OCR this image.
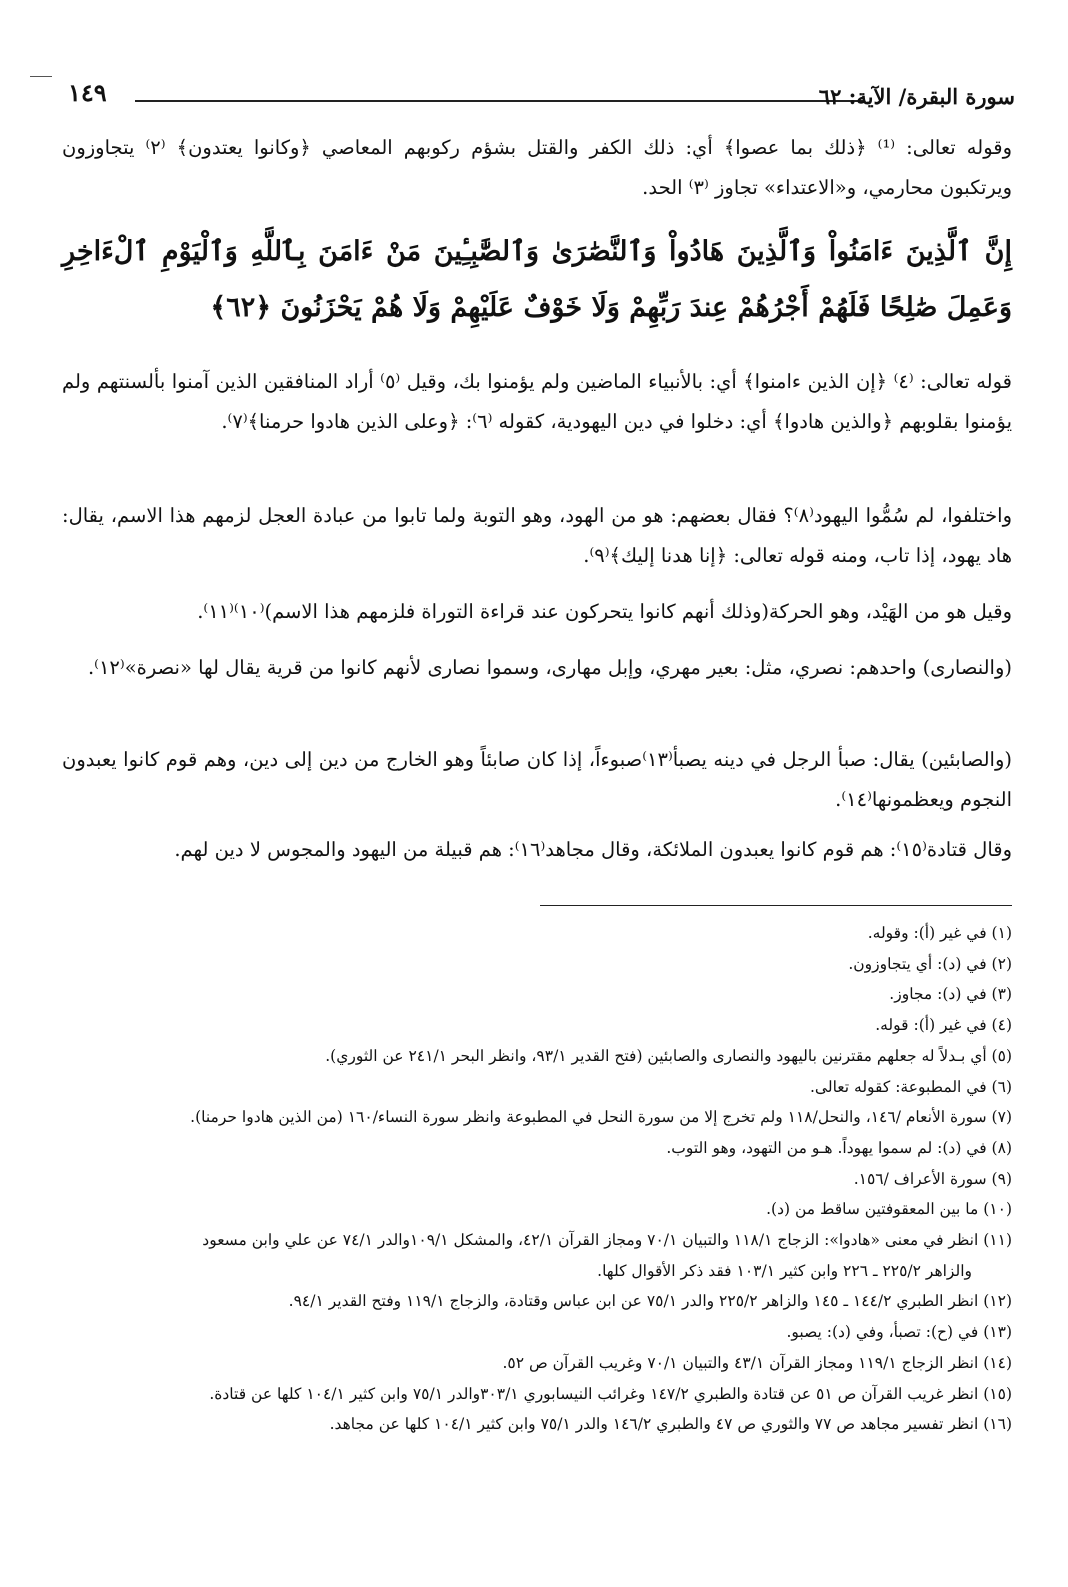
١٤٩	سورة البقرة/ الآية: ٦٢

وقوله تعالى: ⁽¹⁾ ﴿ذلك بما عصوا﴾ أي: ذلك الكفر والقتل بشؤم ركوبهم المعاصي ﴿وكانوا يعتدون﴾ ⁽٢⁾ يتجاوزون ويرتكبون محارمي، و«الاعتداء» تجاوز ⁽٣⁾ الحد.

إِنَّ ٱلَّذِينَ ءَامَنُواْ وَٱلَّذِينَ هَادُواْ وَٱلنَّصَٰرَىٰ وَٱلصَّٰبِـِٔينَ مَنْ ءَامَنَ بِٱللَّهِ وَٱلْيَوْمِ ٱلْءَاخِرِ وَعَمِلَ صَٰلِحًا فَلَهُمْ أَجْرُهُمْ عِندَ رَبِّهِمْ وَلَا خَوْفٌ عَلَيْهِمْ وَلَا هُمْ يَحْزَنُونَ ﴿٦٢﴾

قوله تعالى: ⁽٤⁾ ﴿إن الذين ءامنوا﴾ أي: بالأنبياء الماضين ولم يؤمنوا بك، وقيل ⁽٥⁾ أراد المنافقين الذين آمنوا بألسنتهم ولم يؤمنوا بقلوبهم ﴿والذين هادوا﴾ أي: دخلوا في دين اليهودية، كقوله ⁽٦⁾: ﴿وعلى الذين هادوا حرمنا﴾⁽٧⁾.

واختلفوا، لم سُمُّوا اليهود⁽٨⁾؟ فقال بعضهم: هو من الهود، وهو التوبة ولما تابوا من عبادة العجل لزمهم هذا الاسم، يقال: هاد يهود، إذا تاب، ومنه قوله تعالى: ﴿إنا هدنا إليك﴾⁽٩⁾.

وقيل هو من الهَيْد، وهو الحركة(وذلك أنهم كانوا يتحركون عند قراءة التوراة فلزمهم هذا الاسم)⁽١٠⁾⁽١١⁾.

(والنصارى) واحدهم: نصري، مثل: بعير مهري، وإبل مهارى، وسموا نصارى لأنهم كانوا من قرية يقال لها «نصرة»⁽١٢⁾.

(والصابئين) يقال: صبأ الرجل في دينه يصبأ⁽١٣⁾صبوءاً، إذا كان صابئاً وهو الخارج من دين إلى دين، وهم قوم كانوا يعبدون النجوم ويعظمونها⁽١٤⁾.

وقال قتادة⁽١٥⁾: هم قوم كانوا يعبدون الملائكة، وقال مجاهد⁽١٦⁾: هم قبيلة من اليهود والمجوس لا دين لهم.

(١) في غير (أ): وقوله.
(٢) في (د): أي يتجاوزون.
(٣) في (د): مجاوز.
(٤) في غير (أ): قوله.
(٥) أي بـدلاً له جعلهم مقترنين باليهود والنصارى والصابئين (فتح القدير ٩٣/١، وانظر البحر ٢٤١/١ عن الثوري).
(٦) في المطبوعة: كقوله تعالى.
(٧) سورة الأنعام /١٤٦، والنحل/١١٨ ولم تخرج إلا من سورة النحل في المطبوعة وانظر سورة النساء/١٦٠ (من الذين هادوا حرمنا).
(٨) في (د): لم سموا يهوداً. هـو من التهود، وهو التوب.
(٩) سورة الأعراف /١٥٦.
(١٠) ما بين المعقوفتين ساقط من (د).
(١١) انظر في معنى «هادوا»: الزجاج ١١٨/١ والتبيان ٧٠/١ ومجاز القرآن ٤٢/١، والمشكل ١٠٩/١والدر ٧٤/١ عن علي وابن مسعود
والزاهر ٢٢٥/٢ ـ ٢٢٦ وابن كثير ١٠٣/١ فقد ذكر الأقوال كلها.
(١٢) انظر الطبري ١٤٤/٢ ـ ١٤٥ والزاهر ٢٢٥/٢ والدر ٧٥/١ عن ابن عباس وقتادة، والزجاج ١١٩/١ وفتح القدير ٩٤/١.
(١٣) في (ح): تصبأ، وفي (د): يصبو.
(١٤) انظر الزجاج ١١٩/١ ومجاز القرآن ٤٣/١ والتبيان ٧٠/١ وغريب القرآن ص ٥٢.
(١٥) انظر غريب القرآن ص ٥١ عن قتادة والطبري ١٤٧/٢ وغرائب النيسابوري ٣٠٣/١والدر ٧٥/١ وابن كثير ١٠٤/١ كلها عن قتادة.
(١٦) انظر تفسير مجاهد ص ٧٧ والثوري ص ٤٧ والطبري ١٤٦/٢ والدر ٧٥/١ وابن كثير ١٠٤/١ كلها عن مجاهد.
